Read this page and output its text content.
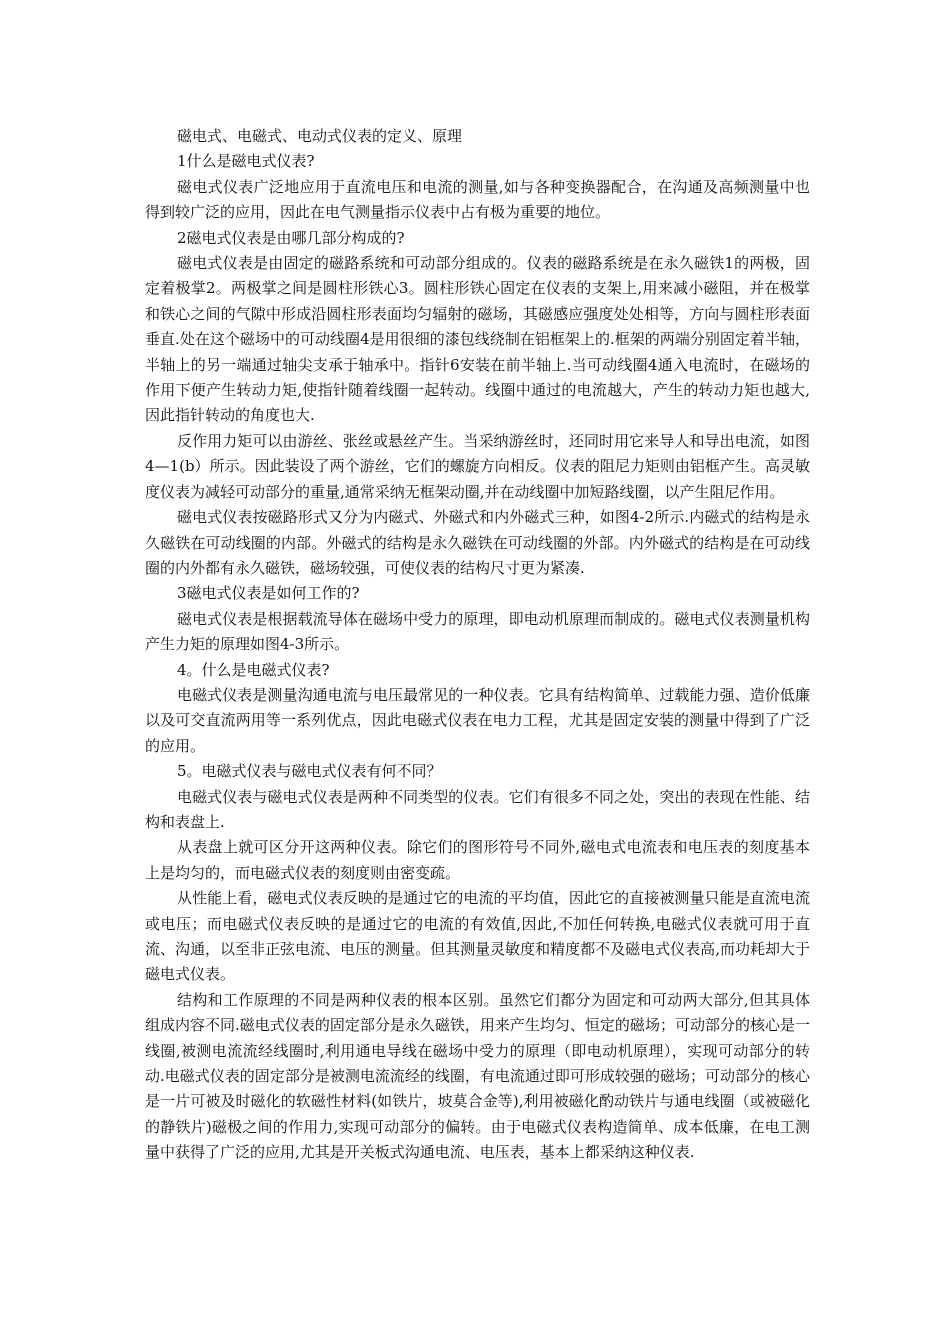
磁电式、电磁式、电动式仪表的定义、原理

1什么是磁电式仪表?

磁电式仪表广泛地应用于直流电压和电流的测量,如与各种变换器配合，在沟通及高频测量中也得到较广泛的应用，因此在电气测量指示仪表中占有极为重要的地位。

2磁电式仪表是由哪几部分构成的?

磁电式仪表是由固定的磁路系统和可动部分组成的。仪表的磁路系统是在永久磁铁1的两极，固定着极掌2。两极掌之间是圆柱形铁心3。圆柱形铁心固定在仪表的支架上,用来减小磁阻，并在极掌和铁心之间的气隙中形成沿圆柱形表面均匀辐射的磁场，其磁感应强度处处相等，方向与圆柱形表面垂直.处在这个磁场中的可动线圈4是用很细的漆包线绕制在铝框架上的.框架的两端分别固定着半轴，半轴上的另一端通过轴尖支承于轴承中。指针6安装在前半轴上.当可动线圈4通入电流时，在磁场的作用下便产生转动力矩,使指针随着线圈一起转动。线圈中通过的电流越大，产生的转动力矩也越大,因此指针转动的角度也大.

反作用力矩可以由游丝、张丝或悬丝产生。当采纳游丝时，还同时用它来导人和导出电流，如图4—1(b）所示。因此装设了两个游丝，它们的螺旋方向相反。仪表的阻尼力矩则由铝框产生。高灵敏度仪表为减轻可动部分的重量,通常采纳无框架动圈,并在动线圈中加短路线圈，以产生阻尼作用。

磁电式仪表按磁路形式又分为内磁式、外磁式和内外磁式三种，如图4-2所示.内磁式的结构是永久磁铁在可动线圈的内部。外磁式的结构是永久磁铁在可动线圈的外部。内外磁式的结构是在可动线圈的内外都有永久磁铁，磁场较强，可使仪表的结构尺寸更为紧凑.

3磁电式仪表是如何工作的?

磁电式仪表是根据载流导体在磁场中受力的原理，即电动机原理而制成的。磁电式仪表测量机构产生力矩的原理如图4-3所示。

4。什么是电磁式仪表?

电磁式仪表是测量沟通电流与电压最常见的一种仪表。它具有结构简单、过载能力强、造价低廉以及可交直流两用等一系列优点，因此电磁式仪表在电力工程，尤其是固定安装的测量中得到了广泛的应用。

5。电磁式仪表与磁电式仪表有何不同？

电磁式仪表与磁电式仪表是两种不同类型的仪表。它们有很多不同之处，突出的表现在性能、结构和表盘上.

从表盘上就可区分开这两种仪表。除它们的图形符号不同外,磁电式电流表和电压表的刻度基本上是均匀的，而电磁式仪表的刻度则由密变疏。

从性能上看，磁电式仪表反映的是通过它的电流的平均值，因此它的直接被测量只能是直流电流或电压；而电磁式仪表反映的是通过它的电流的有效值,因此,不加任何转换,电磁式仪表就可用于直流、沟通，以至非正弦电流、电压的测量。但其测量灵敏度和精度都不及磁电式仪表高,而功耗却大于磁电式仪表。

结构和工作原理的不同是两种仪表的根本区别。虽然它们都分为固定和可动两大部分,但其具体组成内容不同.磁电式仪表的固定部分是永久磁铁，用来产生均匀、恒定的磁场；可动部分的核心是一线圈,被测电流流经线圈时,利用通电导线在磁场中受力的原理（即电动机原理），实现可动部分的转动.电磁式仪表的固定部分是被测电流流经的线圈，有电流通过即可形成较强的磁场；可动部分的核心是一片可被及时磁化的软磁性材料(如铁片，坡莫合金等),利用被磁化酌动铁片与通电线圈（或被磁化的静铁片)磁极之间的作用力,实现可动部分的偏转。由于电磁式仪表构造简单、成本低廉，在电工测量中获得了广泛的应用,尤其是开关板式沟通电流、电压表，基本上都采纳这种仪表.
